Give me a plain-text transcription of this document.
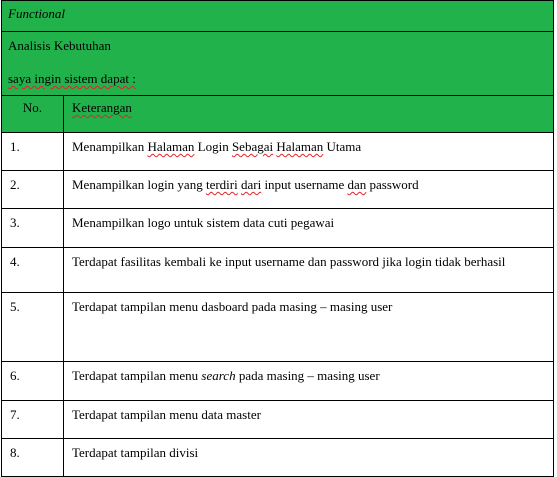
Functional	

Analisis Kebutuhan
saya ingin sistem dapat :	

No.	Keterangan
1.	Menampilkan Halaman Login Sebagai Halaman Utama
2.	Menampilkan login yang terdiri dari input username dan password
3.	Menampilkan logo untuk sistem data cuti pegawai
4.	Terdapat fasilitas kembali ke input username dan password jika login tidak berhasil
5.	Terdapat tampilan menu dasboard pada masing – masing user
6.	Terdapat tampilan menu search pada masing – masing user
7.	Terdapat tampilan menu data master
8.	Terdapat tampilan divisi
